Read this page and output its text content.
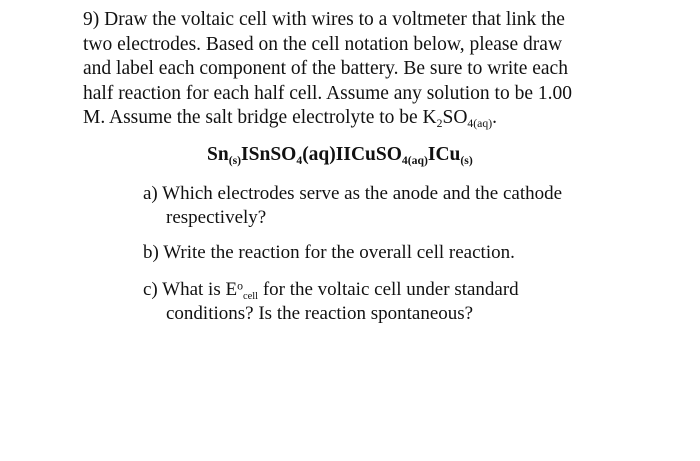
9) Draw the voltaic cell with wires to a voltmeter that link the
two electrodes. Based on the cell notation below, please draw
and label each component of the battery. Be sure to write each
half reaction for each half cell. Assume any solution to be 1.00
M. Assume the salt bridge electrolyte to be $K_2SO_{4(aq)}$.
$Sn_{(s)}ISnSO_4(aq)IICuSO_{4(aq)}ICu_{(s)}$
a) Which electrodes serve as the anode and the cathode
respectively?
b) Write the reaction for the overall cell reaction.
c) What is $E^o_{cell}$ for the voltaic cell under standard
conditions? Is the reaction spontaneous?
